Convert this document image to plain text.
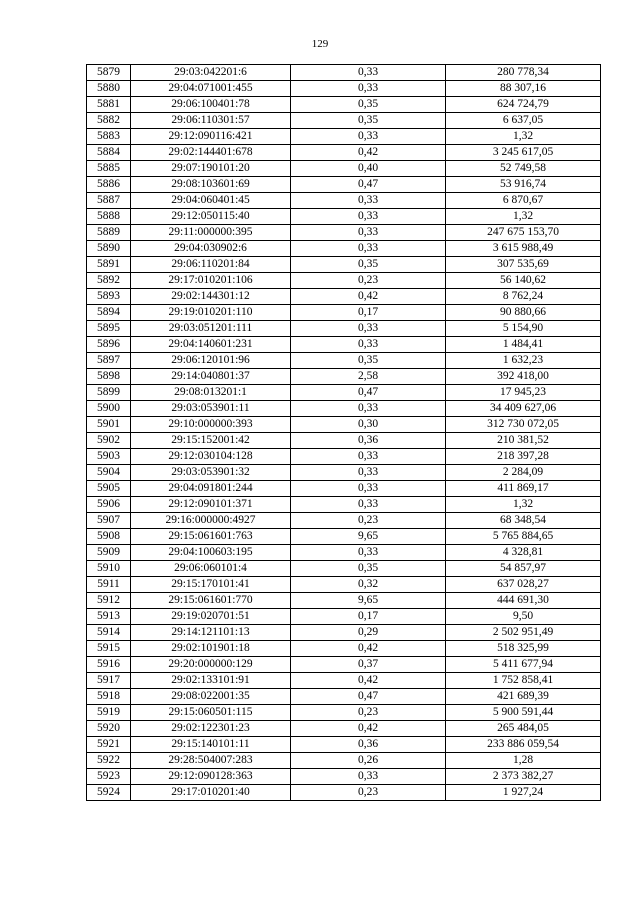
129
5879	29:03:042201:6	0,33	280 778,34
5880	29:04:071001:455	0,33	88 307,16
5881	29:06:100401:78	0,35	624 724,79
5882	29:06:110301:57	0,35	6 637,05
5883	29:12:090116:421	0,33	1,32
5884	29:02:144401:678	0,42	3 245 617,05
5885	29:07:190101:20	0,40	52 749,58
5886	29:08:103601:69	0,47	53 916,74
5887	29:04:060401:45	0,33	6 870,67
5888	29:12:050115:40	0,33	1,32
5889	29:11:000000:395	0,33	247 675 153,70
5890	29:04:030902:6	0,33	3 615 988,49
5891	29:06:110201:84	0,35	307 535,69
5892	29:17:010201:106	0,23	56 140,62
5893	29:02:144301:12	0,42	8 762,24
5894	29:19:010201:110	0,17	90 880,66
5895	29:03:051201:111	0,33	5 154,90
5896	29:04:140601:231	0,33	1 484,41
5897	29:06:120101:96	0,35	1 632,23
5898	29:14:040801:37	2,58	392 418,00
5899	29:08:013201:1	0,47	17 945,23
5900	29:03:053901:11	0,33	34 409 627,06
5901	29:10:000000:393	0,30	312 730 072,05
5902	29:15:152001:42	0,36	210 381,52
5903	29:12:030104:128	0,33	218 397,28
5904	29:03:053901:32	0,33	2 284,09
5905	29:04:091801:244	0,33	411 869,17
5906	29:12:090101:371	0,33	1,32
5907	29:16:000000:4927	0,23	68 348,54
5908	29:15:061601:763	9,65	5 765 884,65
5909	29:04:100603:195	0,33	4 328,81
5910	29:06:060101:4	0,35	54 857,97
5911	29:15:170101:41	0,32	637 028,27
5912	29:15:061601:770	9,65	444 691,30
5913	29:19:020701:51	0,17	9,50
5914	29:14:121101:13	0,29	2 502 951,49
5915	29:02:101901:18	0,42	518 325,99
5916	29:20:000000:129	0,37	5 411 677,94
5917	29:02:133101:91	0,42	1 752 858,41
5918	29:08:022001:35	0,47	421 689,39
5919	29:15:060501:115	0,23	5 900 591,44
5920	29:02:122301:23	0,42	265 484,05
5921	29:15:140101:11	0,36	233 886 059,54
5922	29:28:504007:283	0,26	1,28
5923	29:12:090128:363	0,33	2 373 382,27
5924	29:17:010201:40	0,23	1 927,24
